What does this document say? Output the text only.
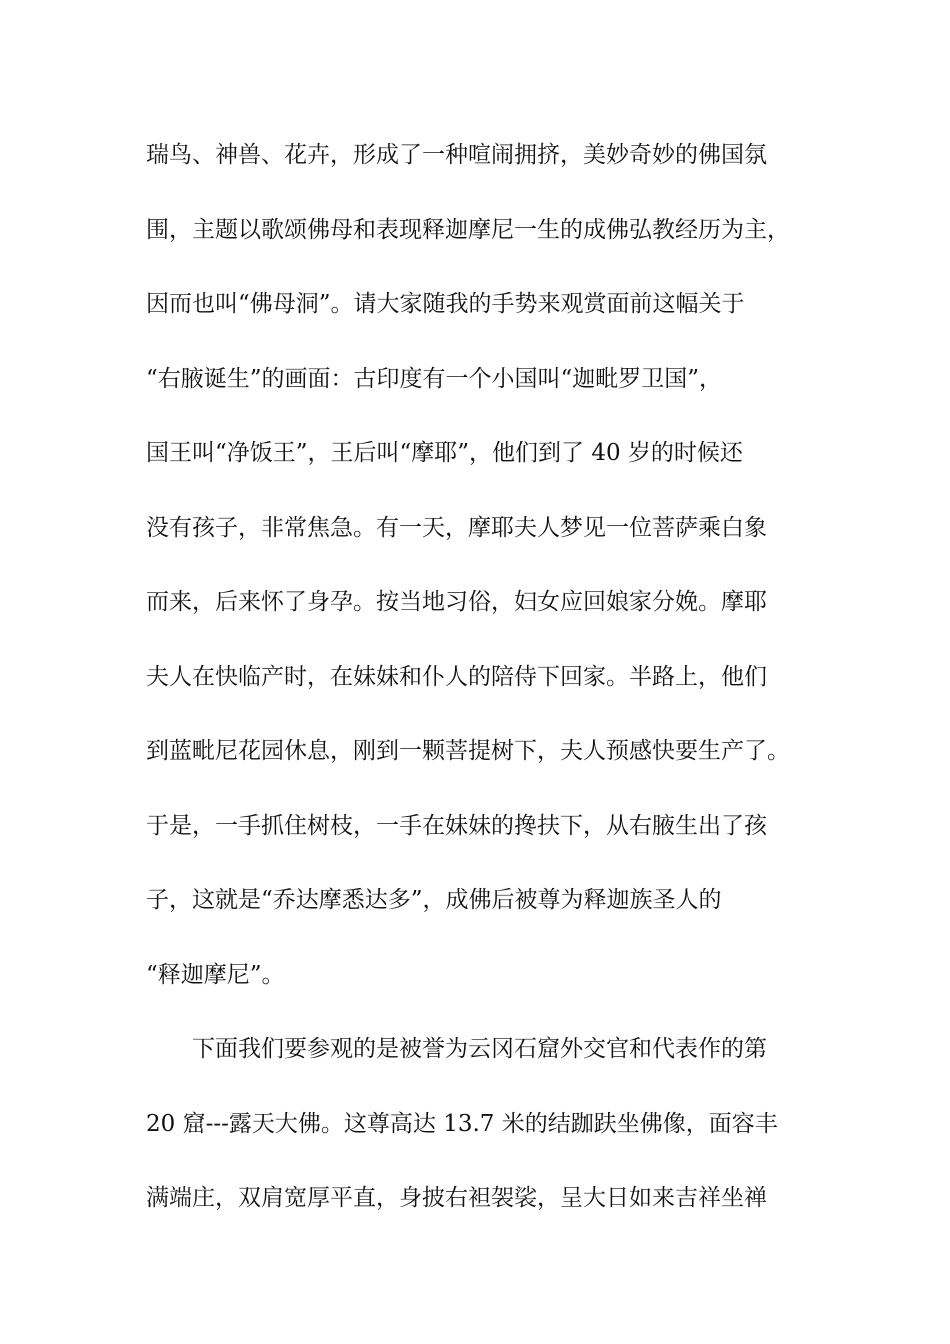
瑞鸟、神兽、花卉，形成了一种喧闹拥挤，美妙奇妙的佛国氛
围，主题以歌颂佛母和表现释迦摩尼一生的成佛弘教经历为主，
因而也叫“佛母洞”。请大家随我的手势来观赏面前这幅关于
“右腋诞生”的画面：古印度有一个小国叫“迦毗罗卫国”，
国王叫“净饭王”，王后叫“摩耶”，他们到了 40 岁的时候还
没有孩子，非常焦急。有一天，摩耶夫人梦见一位菩萨乘白象
而来，后来怀了身孕。按当地习俗，妇女应回娘家分娩。摩耶
夫人在快临产时，在妹妹和仆人的陪侍下回家。半路上，他们
到蓝毗尼花园休息，刚到一颗菩提树下，夫人预感快要生产了。
于是，一手抓住树枝，一手在妹妹的搀扶下，从右腋生出了孩
子，这就是“乔达摩悉达多”，成佛后被尊为释迦族圣人的
“释迦摩尼”。
下面我们要参观的是被誉为云冈石窟外交官和代表作的第
20 窟---露天大佛。这尊高达 13.7 米的结跏趺坐佛像，面容丰
满端庄，双肩宽厚平直，身披右袒袈裟，呈大日如来吉祥坐禅
